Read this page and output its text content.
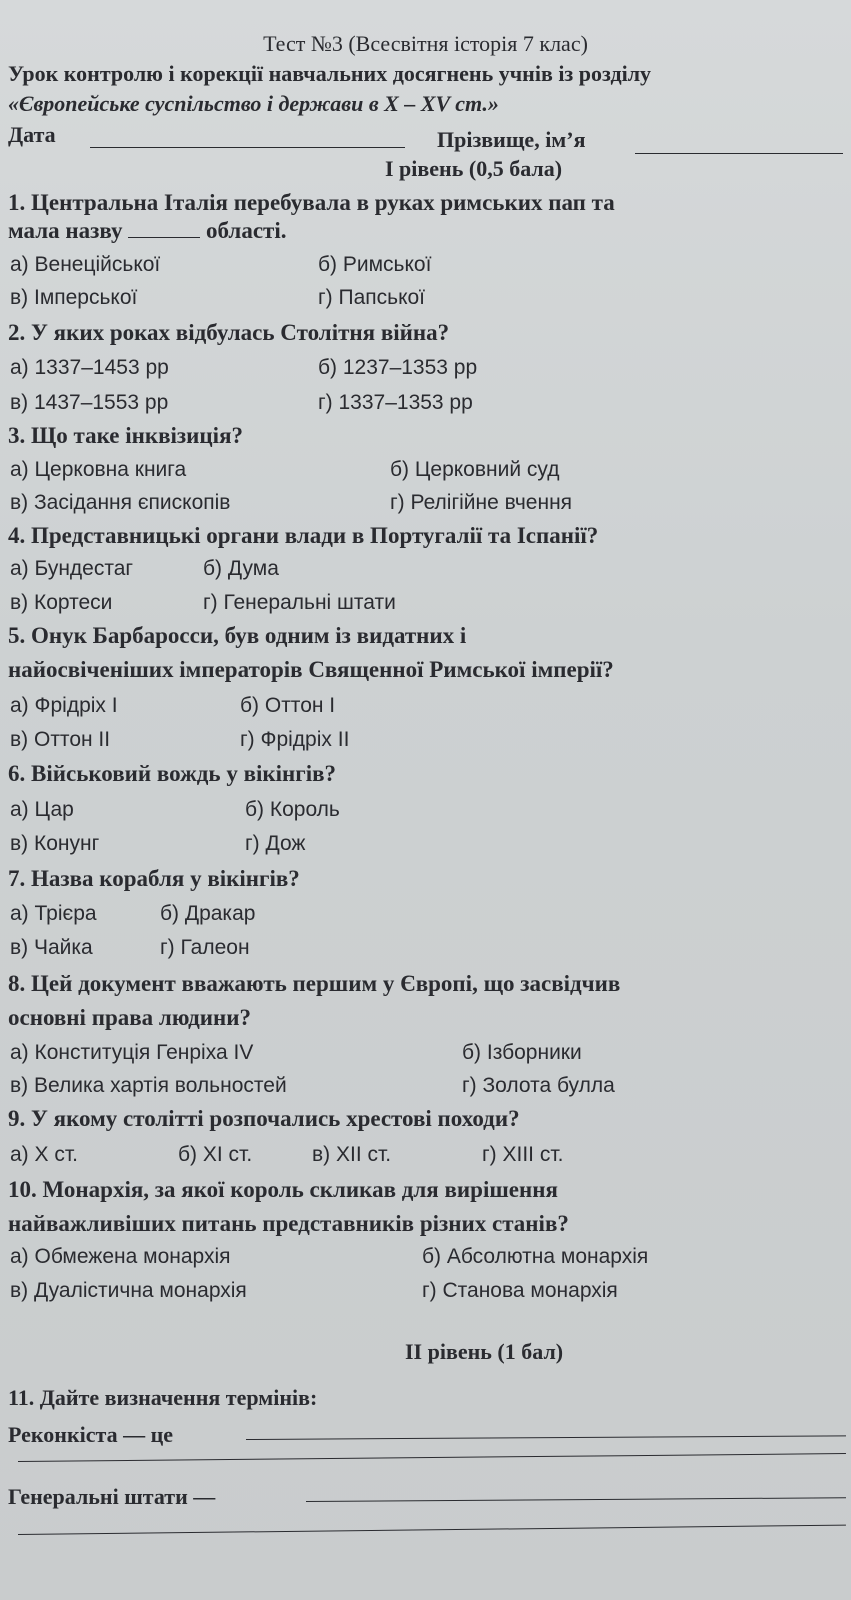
Тест №3 (Всесвітня історія 7 клас)
Урок контролю і корекції навчальних досягнень учнів із розділу
«Європейське суспільство і держави в X – XV ст.»
Дата	Прізвище, ім’я
І рівень (0,5 бала)
1. Центральна Італія перебувала в руках римських пап та
мала назву	області.
а) Венеційської	б) Римської
в) Імперської	г) Папської
2. У яких роках відбулась Столітня війна?
а) 1337–1453 рр	б) 1237–1353 рр
в) 1437–1553 рр	г) 1337–1353 рр
3. Що таке інквізиція?
а) Церковна книга	б) Церковний суд
в) Засідання єпископів	г) Релігійне вчення
4. Представницькі органи влади в Португалії та Іспанії?
а) Бундестаг	б) Дума
в) Кортеси	г) Генеральні штати
5. Онук Барбаросси, був одним із видатних і
найосвіченіших імператорів Священної Римської імперії?
а) Фрідріх І	б) Оттон І
в) Оттон ІІ	г) Фрідріх ІІ
6. Військовий вождь у вікінгів?
а) Цар	б) Король
в) Конунг	г) Дож
7. Назва корабля у вікінгів?
а) Трієра	б) Дракар
в) Чайка	г) Галеон
8. Цей документ вважають першим у Європі, що засвідчив
основні права людини?
а) Конституція Генріха IV	б) Ізборники
в) Велика хартія вольностей	г) Золота булла
9. У якому столітті розпочались хрестові походи?
а) Х ст.	б) ХІ ст.	в) ХІІ ст.	г) ХІІІ ст.
10. Монархія, за якої король скликав для вирішення
найважливіших питань представників різних станів?
а) Обмежена монархія	б) Абсолютна монархія
в) Дуалістична монархія	г) Станова монархія
ІІ рівень (1 бал)
11. Дайте визначення термінів:
Реконкіста — це
Генеральні штати —
